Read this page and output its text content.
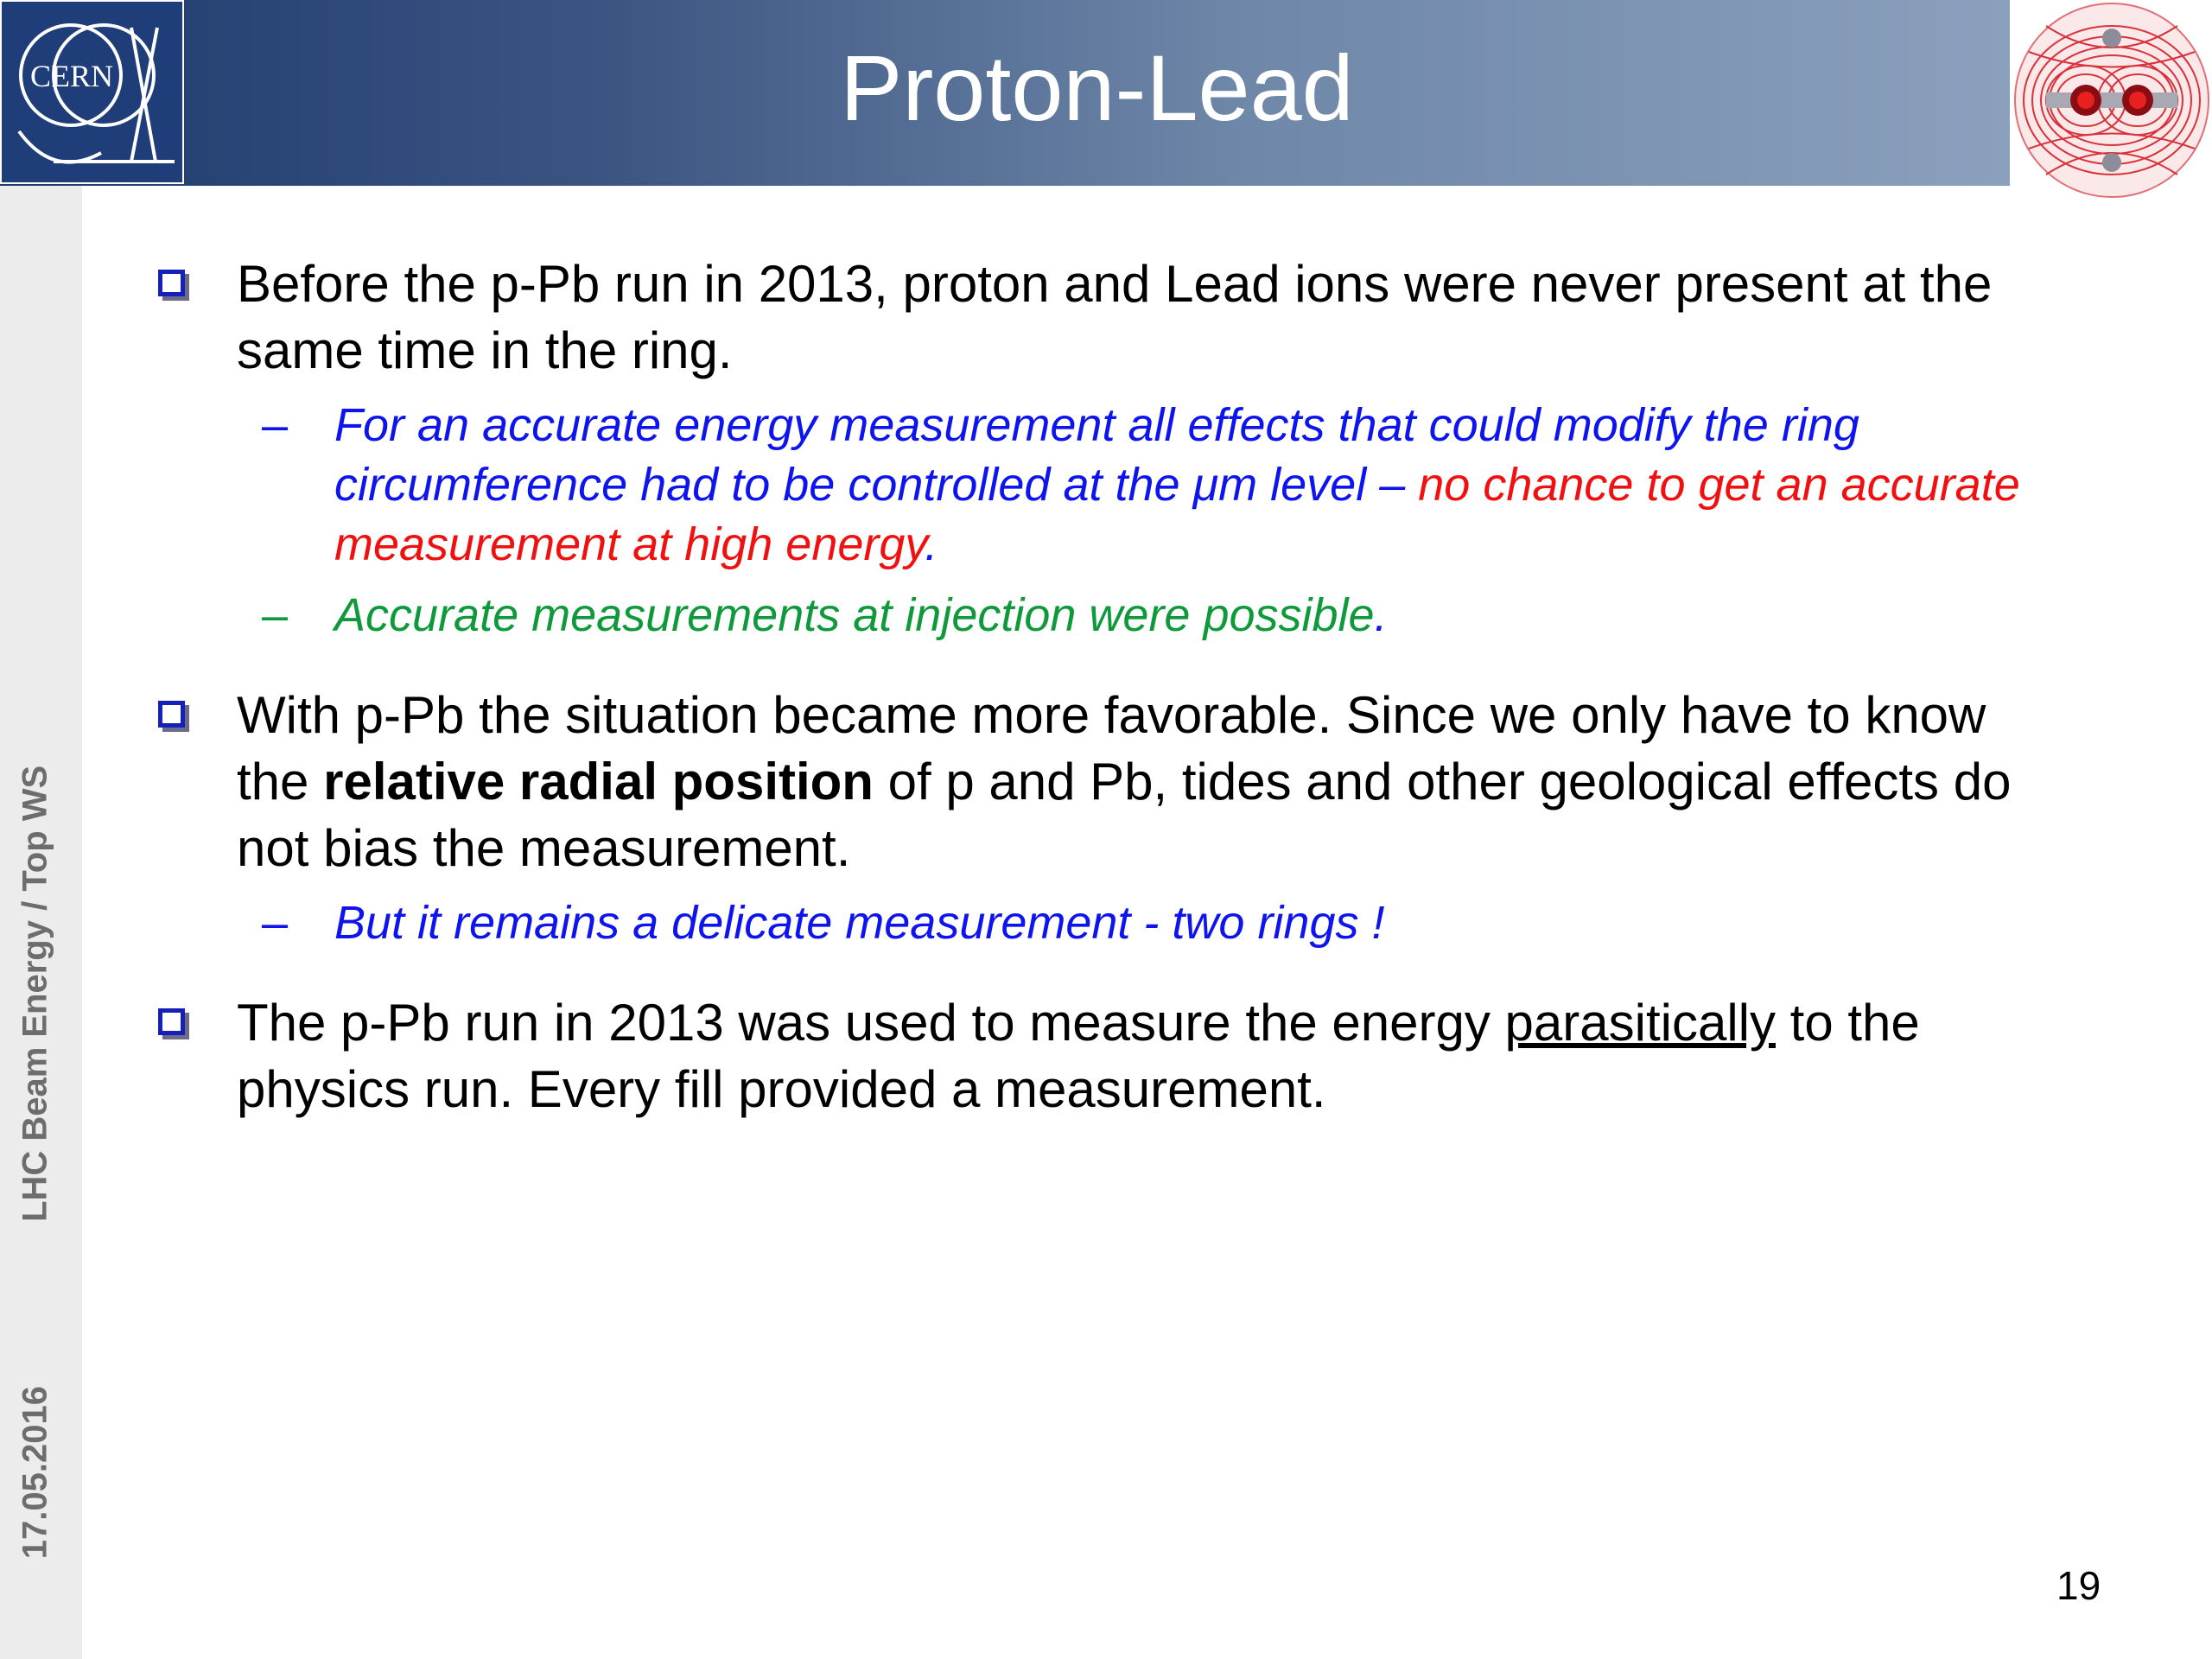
CERN	Proton-Lead
17.05.2016LHC Beam Energy / Top WS
Before the p-Pb run in 2013, proton and Lead ions were never present at the same time in the ring.
– For an accurate energy measurement all effects that could modify the ring circumference had to be controlled at the μm level – no chance to get an accurate measurement at high energy.
– Accurate measurements at injection were possible.
With p-Pb the situation became more favorable. Since we only have to know the relative radial position of p and Pb, tides and other geological effects do not bias the measurement.
– But it remains a delicate measurement - two rings !
The p-Pb run in 2013 was used to measure the energy parasitically to the physics run. Every fill provided a measurement.
19
